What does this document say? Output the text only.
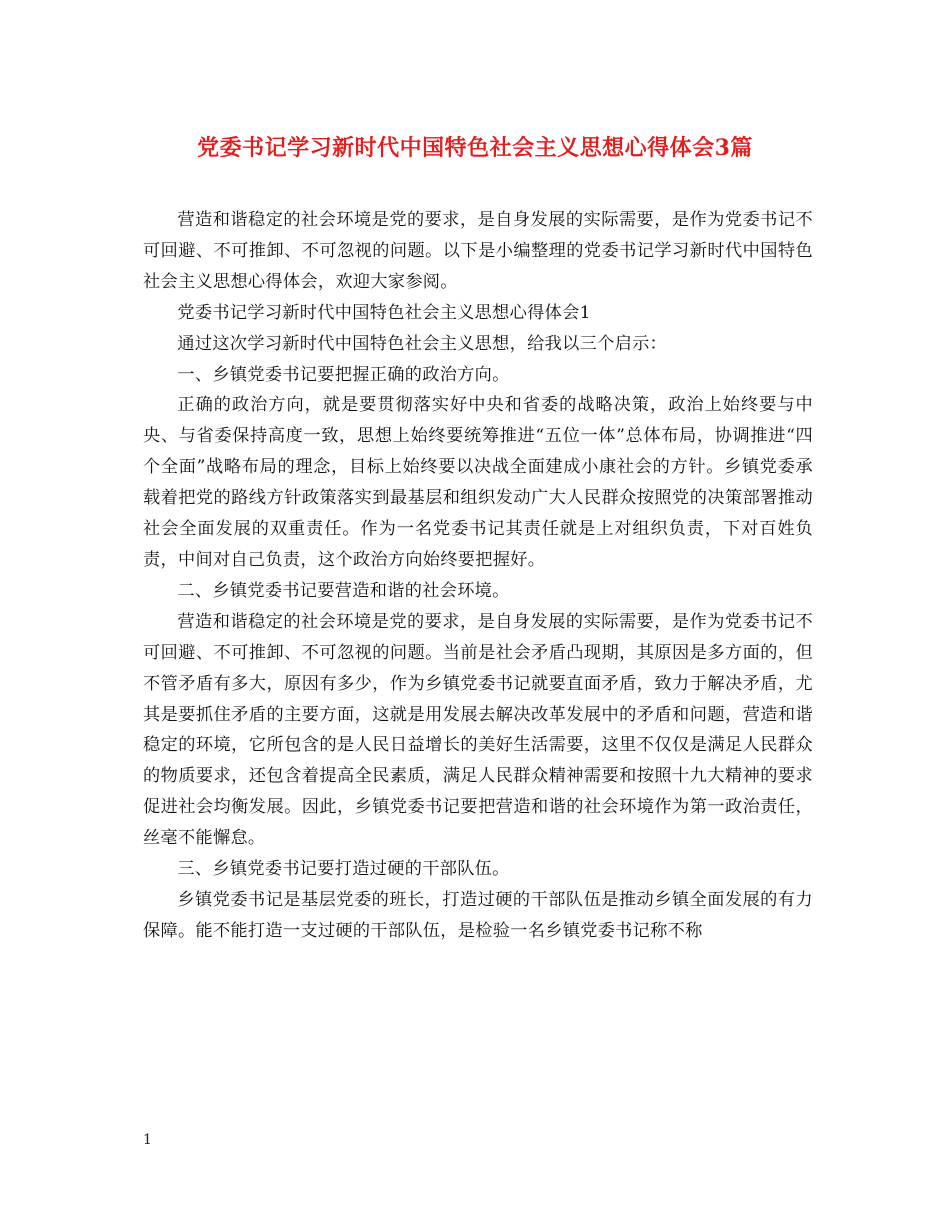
党委书记学习新时代中国特色社会主义思想心得体会3篇

营造和谐稳定的社会环境是党的要求，是自身发展的实际需要，是作为党委书记不可回避、不可推卸、不可忽视的问题。以下是小编整理的党委书记学习新时代中国特色社会主义思想心得体会，欢迎大家参阅。

党委书记学习新时代中国特色社会主义思想心得体会1

通过这次学习新时代中国特色社会主义思想，给我以三个启示：

一、乡镇党委书记要把握正确的政治方向。

正确的政治方向，就是要贯彻落实好中央和省委的战略决策，政治上始终要与中央、与省委保持高度一致，思想上始终要统筹推进“五位一体”总体布局，协调推进“四个全面”战略布局的理念，目标上始终要以决战全面建成小康社会的方针。乡镇党委承载着把党的路线方针政策落实到最基层和组织发动广大人民群众按照党的决策部署推动社会全面发展的双重责任。作为一名党委书记其责任就是上对组织负责，下对百姓负责，中间对自己负责，这个政治方向始终要把握好。

二、乡镇党委书记要营造和谐的社会环境。

营造和谐稳定的社会环境是党的要求，是自身发展的实际需要，是作为党委书记不可回避、不可推卸、不可忽视的问题。当前是社会矛盾凸现期，其原因是多方面的，但不管矛盾有多大，原因有多少，作为乡镇党委书记就要直面矛盾，致力于解决矛盾，尤其是要抓住矛盾的主要方面，这就是用发展去解决改革发展中的矛盾和问题，营造和谐稳定的环境，它所包含的是人民日益增长的美好生活需要，这里不仅仅是满足人民群众的物质要求，还包含着提高全民素质，满足人民群众精神需要和按照十九大精神的要求促进社会均衡发展。因此，乡镇党委书记要把营造和谐的社会环境作为第一政治责任，丝毫不能懈怠。

三、乡镇党委书记要打造过硬的干部队伍。

乡镇党委书记是基层党委的班长，打造过硬的干部队伍是推动乡镇全面发展的有力保障。能不能打造一支过硬的干部队伍，是检验一名乡镇党委书记称不称

1
